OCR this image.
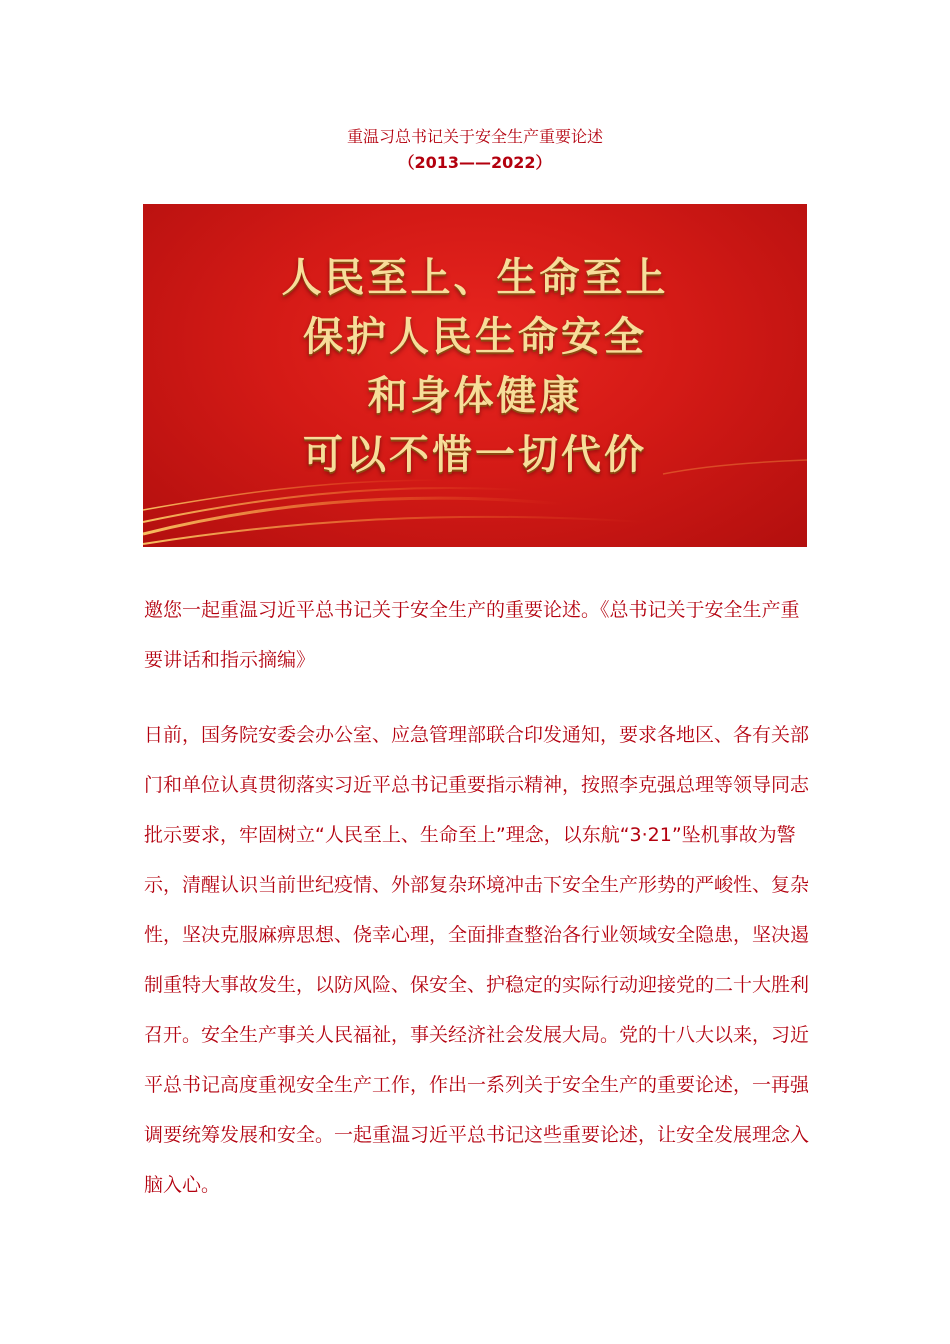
重温习总书记关于安全生产重要论述
（2013——2022）
人民至上、生命至上
保护人民生命安全
和身体健康
可以不惜一切代价

邀您一起重温习近平总书记关于安全生产的重要论述。《总书记关于安全生产重要讲话和指示摘编》

日前，国务院安委会办公室、应急管理部联合印发通知，要求各地区、各有关部门和单位认真贯彻落实习近平总书记重要指示精神，按照李克强总理等领导同志批示要求，牢固树立“人民至上、生命至上”理念，以东航“3·21”坠机事故为警示，清醒认识当前世纪疫情、外部复杂环境冲击下安全生产形势的严峻性、复杂性，坚决克服麻痹思想、侥幸心理，全面排查整治各行业领域安全隐患，坚决遏制重特大事故发生，以防风险、保安全、护稳定的实际行动迎接党的二十大胜利召开。安全生产事关人民福祉，事关经济社会发展大局。党的十八大以来，习近平总书记高度重视安全生产工作，作出一系列关于安全生产的重要论述，一再强调要统筹发展和安全。一起重温习近平总书记这些重要论述，让安全发展理念入脑入心。
